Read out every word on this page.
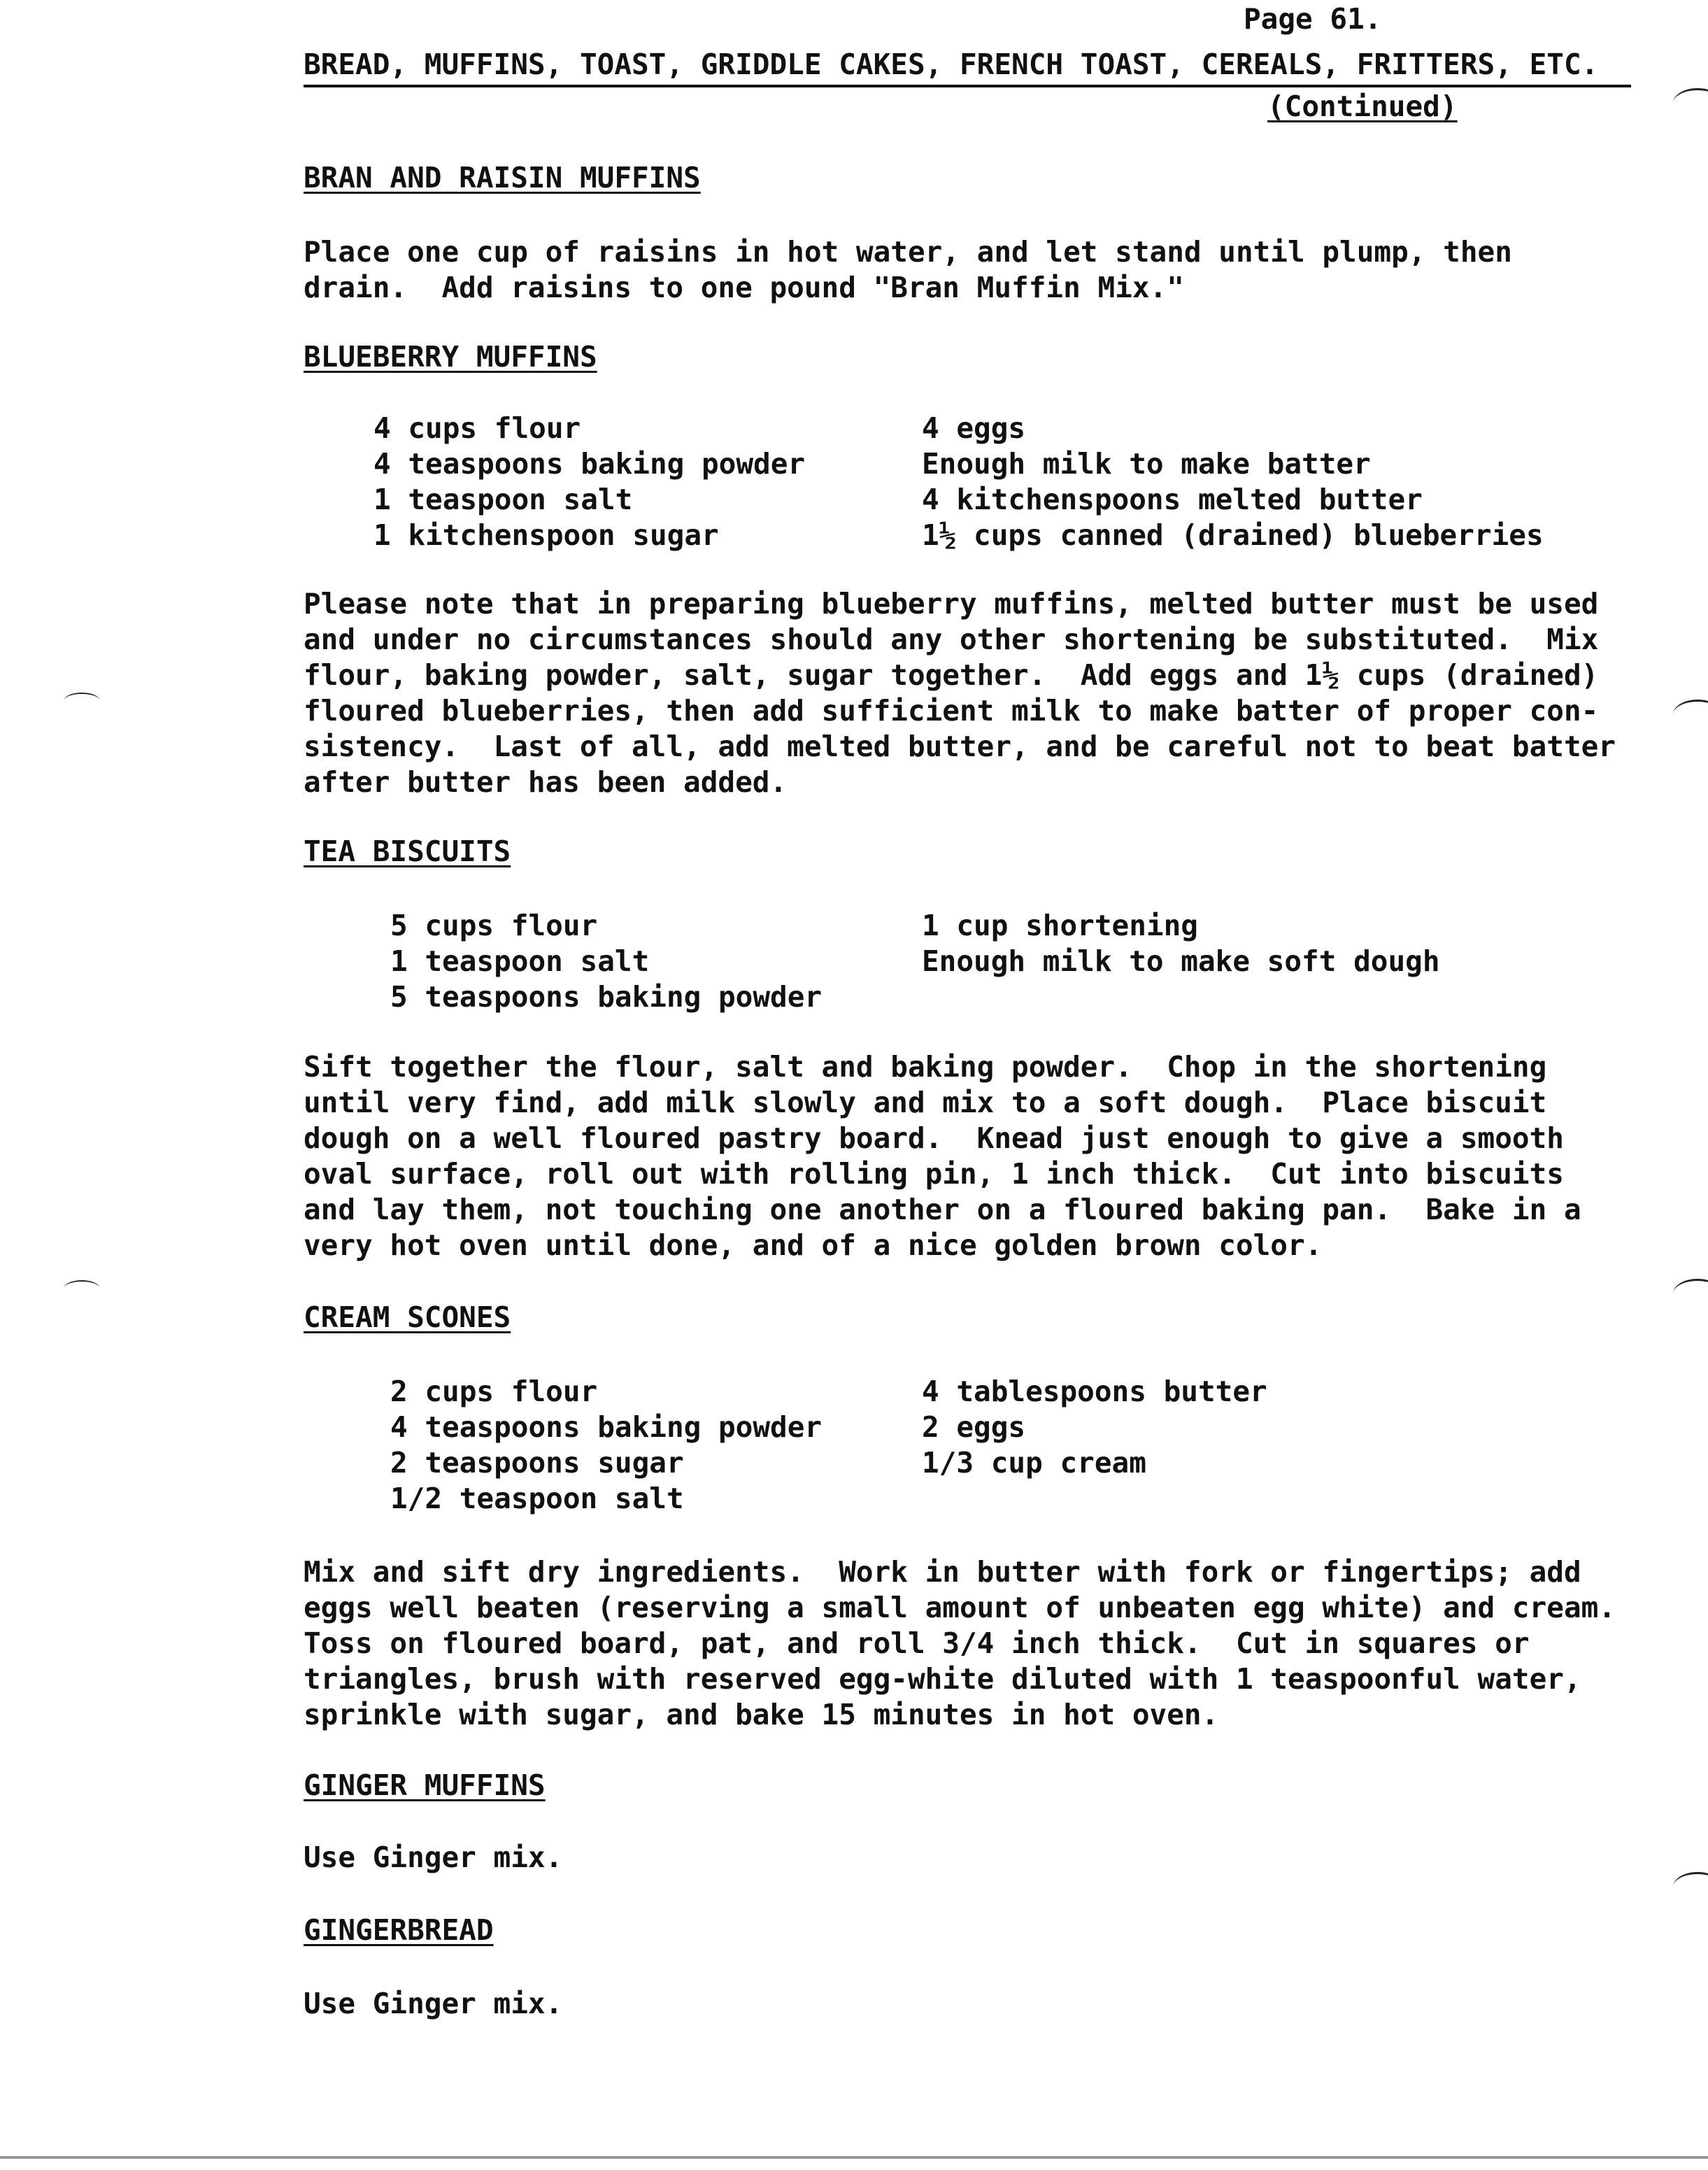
Page 61.
BREAD, MUFFINS, TOAST, GRIDDLE CAKES, FRENCH TOAST, CEREALS, FRITTERS, ETC.
(Continued)
BRAN AND RAISIN MUFFINS
Place one cup of raisins in hot water, and let stand until plump, then
drain.  Add raisins to one pound "Bran Muffin Mix."
BLUEBERRY MUFFINS
4 cups flour
4 teaspoons baking powder
1 teaspoon salt
1 kitchenspoon sugar
4 eggs
Enough milk to make batter
4 kitchenspoons melted butter
1½ cups canned (drained) blueberries
Please note that in preparing blueberry muffins, melted butter must be used
and under no circumstances should any other shortening be substituted.  Mix
flour, baking powder, salt, sugar together.  Add eggs and 1½ cups (drained)
floured blueberries, then add sufficient milk to make batter of proper con-
sistency.  Last of all, add melted butter, and be careful not to beat batter
after butter has been added.
TEA BISCUITS
5 cups flour
1 teaspoon salt
5 teaspoons baking powder
1 cup shortening
Enough milk to make soft dough
Sift together the flour, salt and baking powder.  Chop in the shortening
until very find, add milk slowly and mix to a soft dough.  Place biscuit
dough on a well floured pastry board.  Knead just enough to give a smooth
oval surface, roll out with rolling pin, 1 inch thick.  Cut into biscuits
and lay them, not touching one another on a floured baking pan.  Bake in a
very hot oven until done, and of a nice golden brown color.
CREAM SCONES
2 cups flour
4 teaspoons baking powder
2 teaspoons sugar
1/2 teaspoon salt
4 tablespoons butter
2 eggs
1/3 cup cream
Mix and sift dry ingredients.  Work in butter with fork or fingertips; add
eggs well beaten (reserving a small amount of unbeaten egg white) and cream.
Toss on floured board, pat, and roll 3/4 inch thick.  Cut in squares or
triangles, brush with reserved egg-white diluted with 1 teaspoonful water,
sprinkle with sugar, and bake 15 minutes in hot oven.
GINGER MUFFINS
Use Ginger mix.
GINGERBREAD
Use Ginger mix.
